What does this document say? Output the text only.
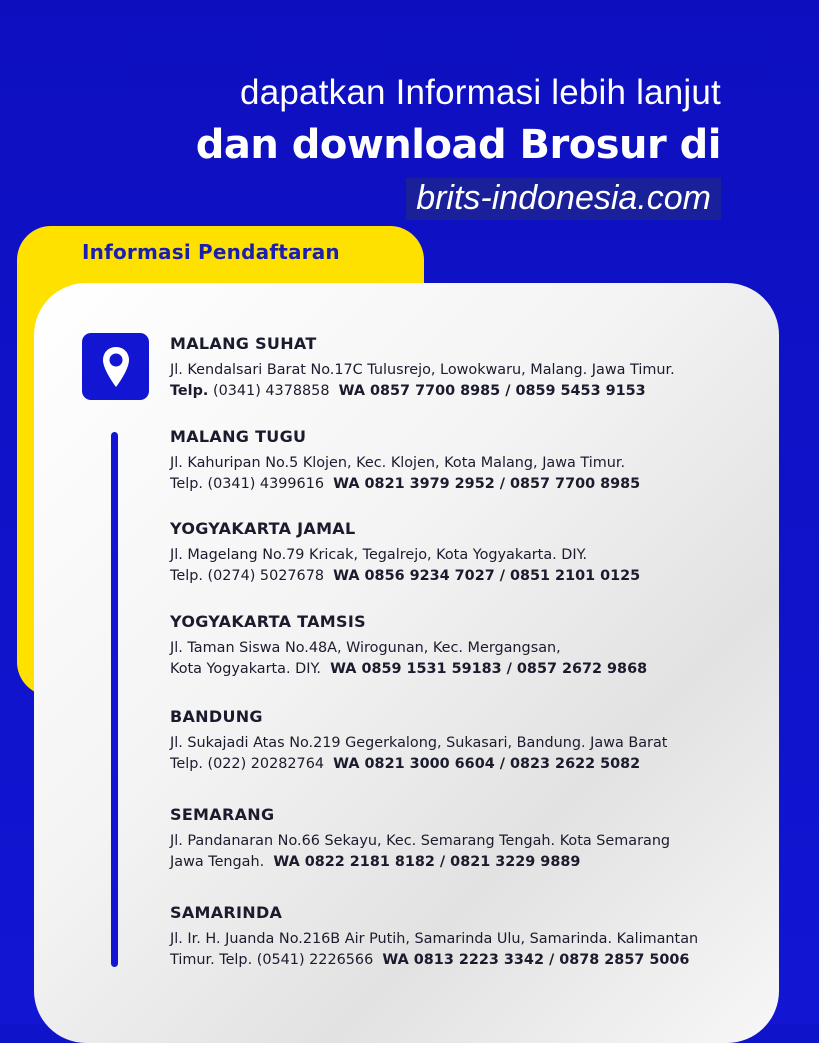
dapatkan Informasi lebih lanjut
dan download Brosur di
brits-indonesia.com
Informasi Pendaftaran
MALANG SUHAT
Jl. Kendalsari Barat No.17C Tulusrejo, Lowokwaru, Malang. Jawa Timur.
Telp. (0341) 4378858 WA 0857 7700 8985 / 0859 5453 9153
MALANG TUGU
Jl. Kahuripan No.5 Klojen, Kec. Klojen, Kota Malang, Jawa Timur.
Telp. (0341) 4399616 WA 0821 3979 2952 / 0857 7700 8985
YOGYAKARTA JAMAL
Jl. Magelang No.79 Kricak, Tegalrejo, Kota Yogyakarta. DIY.
Telp. (0274) 5027678 WA 0856 9234 7027 / 0851 2101 0125
YOGYAKARTA TAMSIS
Jl. Taman Siswa No.48A, Wirogunan, Kec. Mergangsan,
Kota Yogyakarta. DIY. WA 0859 1531 59183 / 0857 2672 9868
BANDUNG
Jl. Sukajadi Atas No.219 Gegerkalong, Sukasari, Bandung. Jawa Barat
Telp. (022) 20282764 WA 0821 3000 6604 / 0823 2622 5082
SEMARANG
Jl. Pandanaran No.66 Sekayu, Kec. Semarang Tengah. Kota Semarang
Jawa Tengah. WA 0822 2181 8182 / 0821 3229 9889
SAMARINDA
Jl. Ir. H. Juanda No.216B Air Putih, Samarinda Ulu, Samarinda. Kalimantan
Timur. Telp. (0541) 2226566 WA 0813 2223 3342 / 0878 2857 5006
